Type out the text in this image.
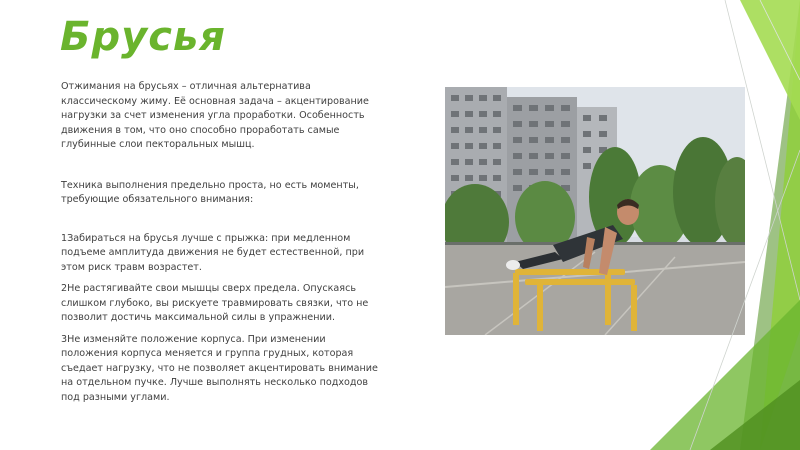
Брусья

Отжимания на брусьях – отличная альтернатива классическому жиму. Её основная задача – акцентирование нагрузки за счет изменения угла проработки. Особенность движения в том, что оно способно проработать самые глубинные слои пекторальных мышц.

Техника выполнения предельно проста, но есть моменты, требующие обязательного внимания:

1Забираться на брусья лучше с прыжка: при медленном подъеме амплитуда движения не будет естественной, при этом риск травм возрастет.

2Не растягивайте свои мышцы сверх предела. Опускаясь слишком глубоко, вы рискуете травмировать связки, что не позволит достичь максимальной силы в упражнении.

3Не изменяйте положение корпуса. При изменении положения корпуса меняется и группа грудных, которая съедает нагрузку, что не позволяет акцентировать внимание на отдельном пучке. Лучше выполнять несколько подходов под разными углами.
